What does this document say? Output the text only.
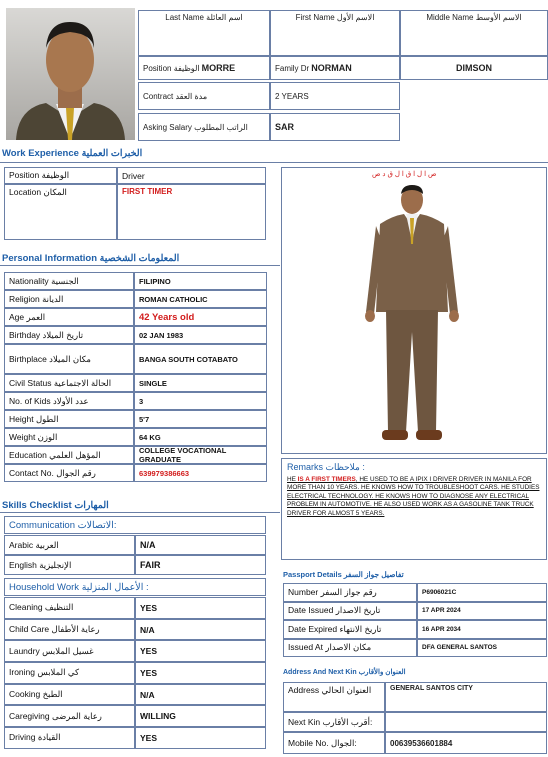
Last Name اسم العائلة	First Name الاسم الأول	Middle Name الاسم الأوسط
Position الوظيفة MORRE	Family Dr NORMAN	DIMSON
Contract مدة العقد	2 YEARS
Asking Salary الراتب المطلوب	SAR
Work Experience الخبرات العملية
Position الوظيفة	Driver
Location المكان	FIRST TIMER
ص ا ل ا ق ا ل ق د ص
Personal Information المعلومات الشخصية
Nationality الجنسية	FILIPINO
Religion الديانة	ROMAN CATHOLIC
Age العمر	42 Years old
Birthday تاريخ الميلاد	02 JAN 1983
Birthplace مكان الميلاد	BANGA SOUTH COTABATO
Civil Status الحالة الاجتماعية	SINGLE
No. of Kids عدد الأولاد	3
Height الطول	5'7
Weight الوزن	64 KG
Education المؤهل العلمي	COLLEGE VOCATIONAL GRADUATE
Contact No. رقم الجوال	639979386663
Remarks ملاحظات :
HE IS A FIRST TIMERS, HE USED TO BE A IPIX I DRIVER DRIVER IN MANILA FOR MORE THAN 10 YEARS. HE KNOWS HOW TO TROUBLESHOOT CARS. HE STUDIES ELECTRICAL TECHNOLOGY. HE KNOWS HOW TO DIAGNOSE ANY ELECTRICAL PROBLEM IN AUTOMOTIVE. HE ALSO USED WORK AS A GASOLINE TANK TRUCK DRIVER FOR ALMOST 5 YEARS.
Skills Checklist المهارات
Communication الاتصالات:
Arabic العربية	N/A
English الإنجليزية	FAIR
Household Work الأعمال المنزلية :
Cleaning التنظيف	YES
Child Care رعاية الأطفال	N/A
Laundry غسيل الملابس	YES
Ironing كي الملابس	YES
Cooking الطبخ	N/A
Caregiving رعاية المرضى	WILLING
Driving القيادة	YES
Passport Details تفاصيل جواز السفر
Number رقم جواز السفر	P6906021C
Date Issued تاريخ الاصدار	17 APR 2024
Date Expired تاريخ الانتهاء	16 APR 2034
Issued At مكان الاصدار	DFA GENERAL SANTOS
Address And Next Kin العنوان والأقارب
Address العنوان الحالي	GENERAL SANTOS CITY
Next Kin أقرب الأقارب:
Mobile No. الجوال:	00639536601884
